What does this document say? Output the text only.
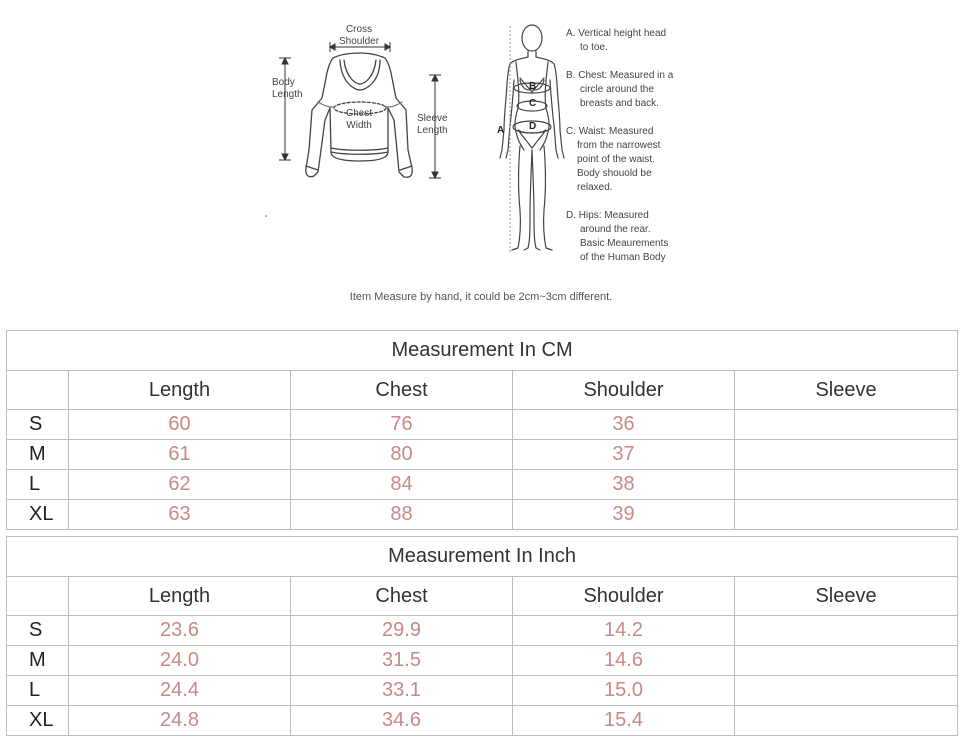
Cross
Shoulder
Body
Length
Chest
Width
Sleeve
Length	A
B
C
D

A. Vertical height head
to toe.

B. Chest: Measured in a
circle around the
breasts and back.

C. Waist: Measured
from the narrowest
point of the waist.
Body shouold be
relaxed.

D. Hips: Measured
around the rear.
Basic Meaurements
of the Human Body

Item Measure by hand, it could be 2cm~3cm different.
Measurement In CM				
	Length	Chest	Shoulder	Sleeve
S	60	76	36	
M	61	80	37	
L	62	84	38	
XL	63	88	39	
Measurement In Inch				
	Length	Chest	Shoulder	Sleeve
S	23.6	29.9	14.2	
M	24.0	31.5	14.6	
L	24.4	33.1	15.0	
XL	24.8	34.6	15.4	
